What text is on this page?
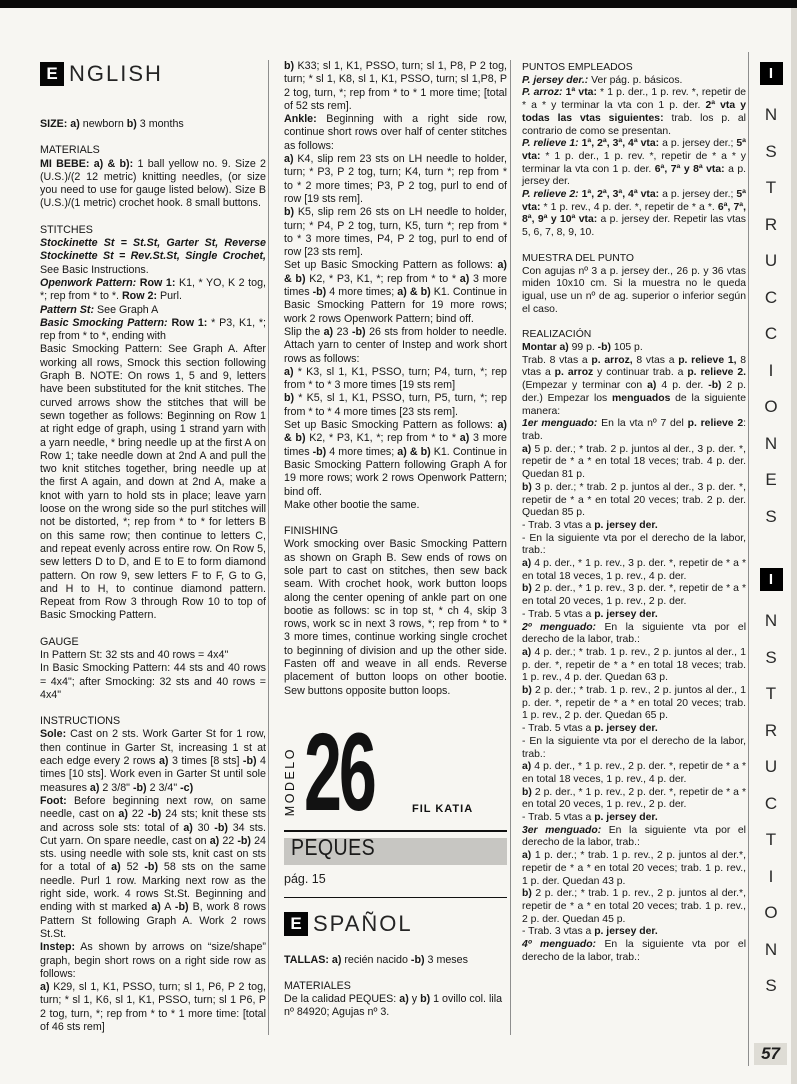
E NGLISH

SIZE: a) newborn b) 3 months

MATERIALS

MI BEBE: a) & b): 1 ball yellow no. 9. Size 2 (U.S.)/(2 12 metric) knitting needles, (or size you need to use for gauge listed below). Size B (U.S.)/(1 metric) crochet hook. 8 small buttons.

STITCHES

Stockinette St = St.St, Garter St, Reverse Stockinette St = Rev.St.St, Single Crochet, See Basic Instructions.

Openwork Pattern: Row 1: K1, * YO, K 2 tog, *; rep from * to *. Row 2: Purl.

Pattern St: See Graph A

Basic Smocking Pattern: Row 1: * P3, K1, *; rep from * to *, ending with

Basic Smocking Pattern: See Graph A. After working all rows, Smock this section following Graph B. NOTE: On rows 1, 5 and 9, letters have been substituted for the knit stitches. The curved arrows show the stitches that will be sewn together as follows: Beginning on Row 1 at right edge of graph, using 1 strand yarn with a yarn needle, * bring needle up at the first A on Row 1; take needle down at 2nd A and pull the two knit stitches together, bring needle up at the first A again, and down at 2nd A, make a knot with yarn to hold sts in place; leave yarn loose on the wrong side so the purl stitches will not be distorted, *; rep from * to * for letters B on this same row; then continue to letters C, and repeat evenly across entire row. On Row 5, sew letters D to D, and E to E to form diamond pattern. On row 9, sew letters F to F, G to G, and H to H, to continue diamond pattern. Repeat from Row 3 through Row 10 to top of Basic Smocking Pattern.

GAUGE

In Pattern St: 32 sts and 40 rows = 4x4"

In Basic Smocking Pattern: 44 sts and 40 rows = 4x4"; after Smocking: 32 sts and 40 rows = 4x4"

INSTRUCTIONS

Sole: Cast on 2 sts. Work Garter St for 1 row, then continue in Garter St, increasing 1 st at each edge every 2 rows a) 3 times [8 sts] -b) 4 times [10 sts]. Work even in Garter St until sole measures a) 2 3/8" -b) 2 3/4" -c)

Foot: Before beginning next row, on same needle, cast on a) 22 -b) 24 sts; knit these sts and across sole sts: total of a) 30 -b) 34 sts. Cut yarn. On spare needle, cast on a) 22 -b) 24 sts. using needle with sole sts, knit cast on sts for a total of a) 52 -b) 58 sts on the same needle. Purl 1 row. Marking next row as the right side, work. 4 rows St.St. Beginning and ending with st marked a) A -b) B, work 8 rows Pattern St following Graph A. Work 2 rows St.St.

Instep: As shown by arrows on “size/shape” graph, begin short rows on a right side row as follows:

a) K29, sl 1, K1, PSSO, turn; sl 1, P6, P 2 tog, turn; * sl 1, K6, sl 1, K1, PSSO, turn; sl 1 P6, P 2 tog, turn, *; rep from * to * 1 more time: [total of 46 sts rem]

b) K33; sl 1, K1, PSSO, turn; sl 1, P8, P 2 tog, turn; * sl 1, K8, sl 1, K1, PSSO, turn; sl 1,P8, P 2 tog, turn, *; rep from * to * 1 more time; [total of 52 sts rem].

Ankle: Beginning with a right side row, continue short rows over half of center stitches as follows:

a) K4, slip rem 23 sts on LH needle to holder, turn; * P3, P 2 tog, turn; K4, turn *; rep from * to * 2 more times; P3, P 2 tog, purl to end of row [19 sts rem].

b) K5, slip rem 26 sts on LH needle to holder, turn; * P4, P 2 tog, turn, K5, turn *; rep from * to * 3 more times, P4, P 2 tog, purl to end of row [23 sts rem].

Set up Basic Smocking Pattern as follows: a) & b) K2, * P3, K1, *; rep from * to * a) 3 more times -b) 4 more times; a) & b) K1. Continue in Basic Smocking Pattern for 19 more rows; work 2 rows Openwork Pattern; bind off.

Slip the a) 23 -b) 26 sts from holder to needle. Attach yarn to center of Instep and work short rows as follows:

a) * K3, sl 1, K1, PSSO, turn; P4, turn, *; rep from * to * 3 more times [19 sts rem]

b) * K5, sl 1, K1, PSSO, turn, P5, turn, *; rep from * to * 4 more times [23 sts rem].

Set up Basic Smocking Pattern as follows: a) & b) K2, * P3, K1, *; rep from * to * a) 3 more times -b) 4 more times; a) & b) K1. Continue in Basic Smocking Pattern following Graph A for 19 more rows; work 2 rows Openwork Pattern; bind off.

Make other bootie the same.

FINISHING

Work smocking over Basic Smocking Pattern as shown on Graph B. Sew ends of rows on sole part to cast on stitches, then sew back seam. With crochet hook, work button loops along the center opening of ankle part on one bootie as follows: sc in top st, * ch 4, skip 3 rows, work sc in next 3 rows, *; rep from * to * 3 more times, continue working single crochet to beginning of division and up the other side. Fasten off and weave in all ends. Reverse placement of button loops on other bootie. Sew buttons opposite button loops.

MODELO 26	FIL KATIA
PEQUES
pág. 15
E SPAÑOL

TALLAS: a) recién nacido -b) 3 meses

MATERIALES

De la calidad PEQUES: a) y b) 1 ovillo col. lila nº 84920; Agujas nº 3.

PUNTOS EMPLEADOS

P. jersey der.: Ver pág. p. básicos.

P. arroz: 1ª vta: * 1 p. der., 1 p. rev. *, repetir de * a * y terminar la vta con 1 p. der. 2ª vta y todas las vtas siguientes: trab. los p. al contrario de como se presentan.

P. relieve 1: 1ª, 2ª, 3ª, 4ª vta: a p. jersey der.; 5ª vta: * 1 p. der., 1 p. rev. *, repetir de * a * y terminar la vta con 1 p. der. 6ª, 7ª y 8ª vta: a p. jersey der.

P. relieve 2: 1ª, 2ª, 3ª, 4ª vta: a p. jersey der.; 5ª vta: * 1 p. rev., 4 p. der. *, repetir de * a *. 6ª, 7ª, 8ª, 9ª y 10ª vta: a p. jersey der. Repetir las vtas 5, 6, 7, 8, 9, 10.

MUESTRA DEL PUNTO

Con agujas nº 3 a p. jersey der., 26 p. y 36 vtas miden 10x10 cm. Si la muestra no le queda igual, use un nº de ag. superior o inferior según el caso.

REALIZACIÓN

Montar a) 99 p. -b) 105 p.

Trab. 8 vtas a p. arroz, 8 vtas a p. relieve 1, 8 vtas a p. arroz y continuar trab. a p. relieve 2. (Empezar y terminar con a) 4 p. der. -b) 2 p. der.) Empezar los menguados de la siguiente manera:

1er menguado: En la vta nº 7 del p. relieve 2: trab.

a) 5 p. der.; * trab. 2 p. juntos al der., 3 p. der. *, repetir de * a * en total 18 veces; trab. 4 p. der. Quedan 81 p.

b) 3 p. der.; * trab. 2 p. juntos al der., 3 p. der. *, repetir de * a * en total 20 veces; trab. 2 p. der. Quedan 85 p.

- Trab. 3 vtas a p. jersey der.

- En la siguiente vta por el derecho de la labor, trab.:

a) 4 p. der., * 1 p. rev., 3 p. der. *, repetir de * a * en total 18 veces, 1 p. rev., 4 p. der.

b) 2 p. der., * 1 p. rev., 3 p. der. *, repetir de * a * en total 20 veces, 1 p. rev., 2 p. der.

- Trab. 5 vtas a p. jersey der.

2º menguado: En la siguiente vta por el derecho de la labor, trab.:

a) 4 p. der.; * trab. 1 p. rev., 2 p. juntos al der., 1 p. der. *, repetir de * a * en total 18 veces; trab. 1 p. rev., 4 p. der. Quedan 63 p.

b) 2 p. der.; * trab. 1 p. rev., 2 p. juntos al der., 1 p. der. *, repetir de * a * en total 20 veces; trab. 1 p. rev., 2 p. der. Quedan 65 p.

- Trab. 5 vtas a p. jersey der.

- En la siguiente vta por el derecho de la labor, trab.:

a) 4 p. der., * 1 p. rev., 2 p. der. *, repetir de * a * en total 18 veces, 1 p. rev., 4 p. der.

b) 2 p. der., * 1 p. rev., 2 p. der. *, repetir de * a * en total 20 veces, 1 p. rev., 2 p. der.

- Trab. 5 vtas a p. jersey der.

3er menguado: En la siguiente vta por el derecho de la labor, trab.:

a) 1 p. der.; * trab. 1 p. rev., 2 p. juntos al der.*, repetir de * a * en total 20 veces; trab. 1 p. rev., 1 p. der. Quedan 43 p.

b) 2 p. der.; * trab. 1 p. rev., 2 p. juntos al der.*, repetir de * a * en total 20 veces; trab. 1 p. rev., 2 p. der. Quedan 45 p.

- Trab. 3 vtas a p. jersey der.

4º menguado: En la siguiente vta por el derecho de la labor, trab.:

I
N
S
T
R
U
C
C
I
O
N
E
S
I
N
S
T
R
U
C
T
I
O
N
S
57
